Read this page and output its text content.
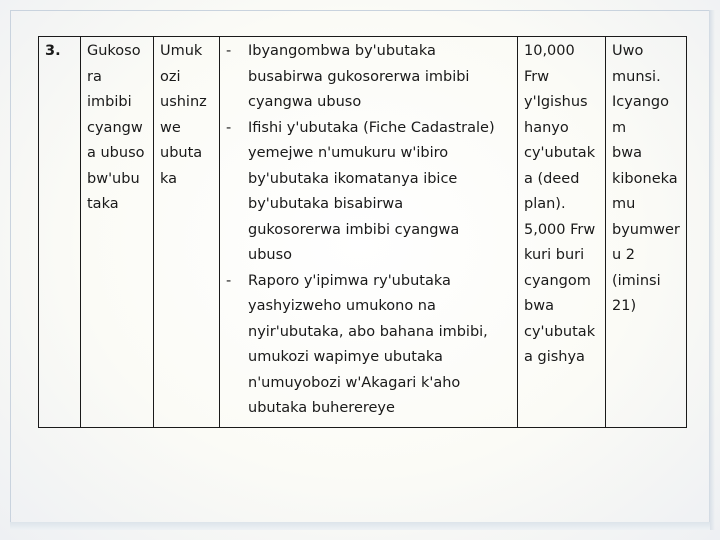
3.	Gukoso
ra
imbibi
cyangw
a ubuso
bw'ubu
taka

Umuk
ozi
ushinz
we
ubuta
ka

-	Ibyangombwa by'ubutaka
busabirwa gukosorerwa imbibi
cyangwa ubuso
-	Ifishi y'ubutaka (Fiche Cadastrale)
yemejwe n'umukuru w'ibiro
by'ubutaka ikomatanya ibice
by'ubutaka bisabirwa
gukosorerwa imbibi cyangwa
ubuso
-	Raporo y'ipimwa ry'ubutaka
yashyizweho umukono na
nyir'ubutaka, abo bahana imbibi,
umukozi wapimye ubutaka
n'umuyobozi w'Akagari k'aho
ubutaka buherereye

10,000
Frw
y'Igishus
hanyo
cy'ubutak
a (deed
plan).
5,000 Frw
kuri buri
cyangom
bwa
cy'ubutak
a gishya

Uwo
munsi.
Icyangom
bwa
kiboneka
mu
byumwer
u 2
(iminsi
21)
